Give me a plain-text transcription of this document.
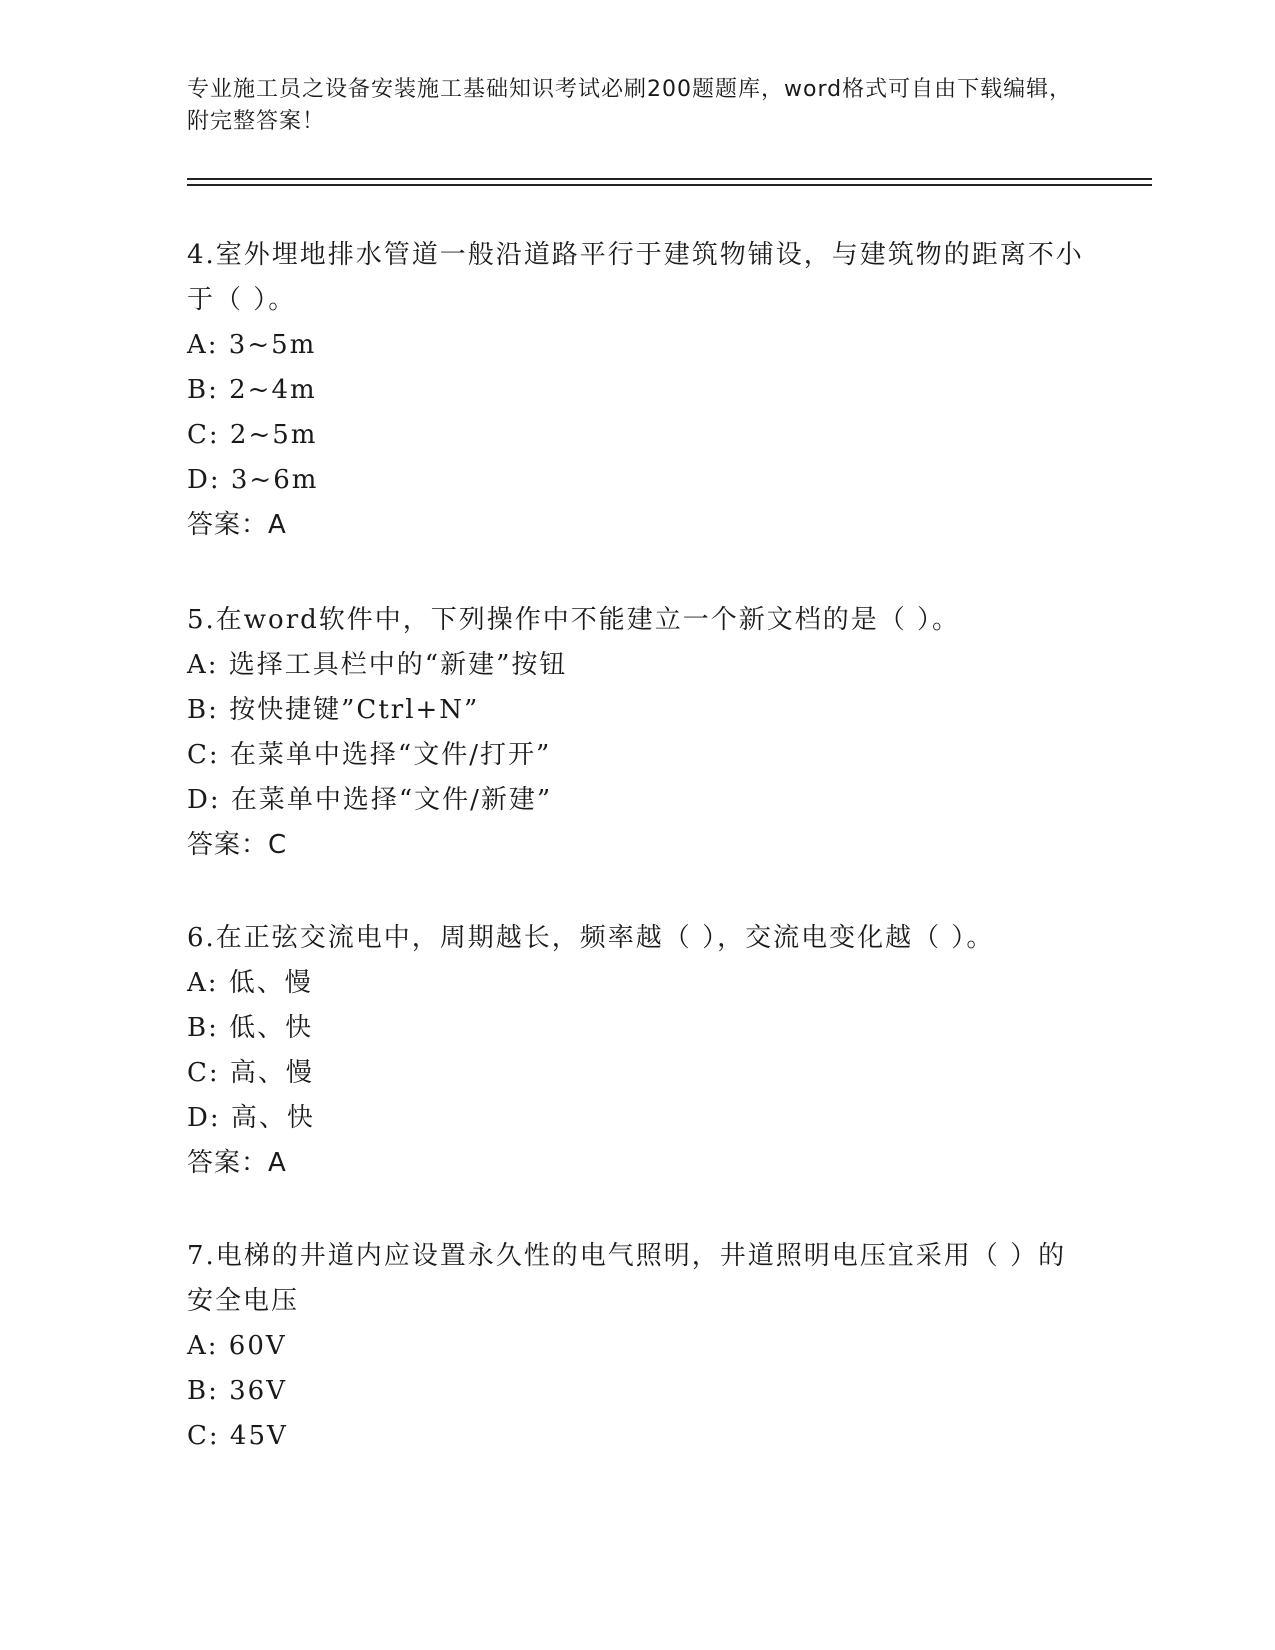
专业施工员之设备安装施工基础知识考试必刷200题题库，word格式可自由下载编辑，附完整答案！

4.室外埋地排水管道一般沿道路平行于建筑物铺设，与建筑物的距离不小于（ ）。

A: 3~5m

B: 2~4m

C: 2~5m

D: 3~6m

答案：A

5.在word软件中，下列操作中不能建立一个新文档的是（ ）。

A: 选择工具栏中的“新建”按钮

B: 按快捷键”Ctrl+N”

C: 在菜单中选择“文件/打开”

D: 在菜单中选择“文件/新建”

答案：C

6.在正弦交流电中，周期越长，频率越（ ），交流电变化越（ ）。

A: 低、慢

B: 低、快

C: 高、慢

D: 高、快

答案：A

7.电梯的井道内应设置永久性的电气照明，井道照明电压宜采用（ ）的安全电压

A: 60V

B: 36V

C: 45V
